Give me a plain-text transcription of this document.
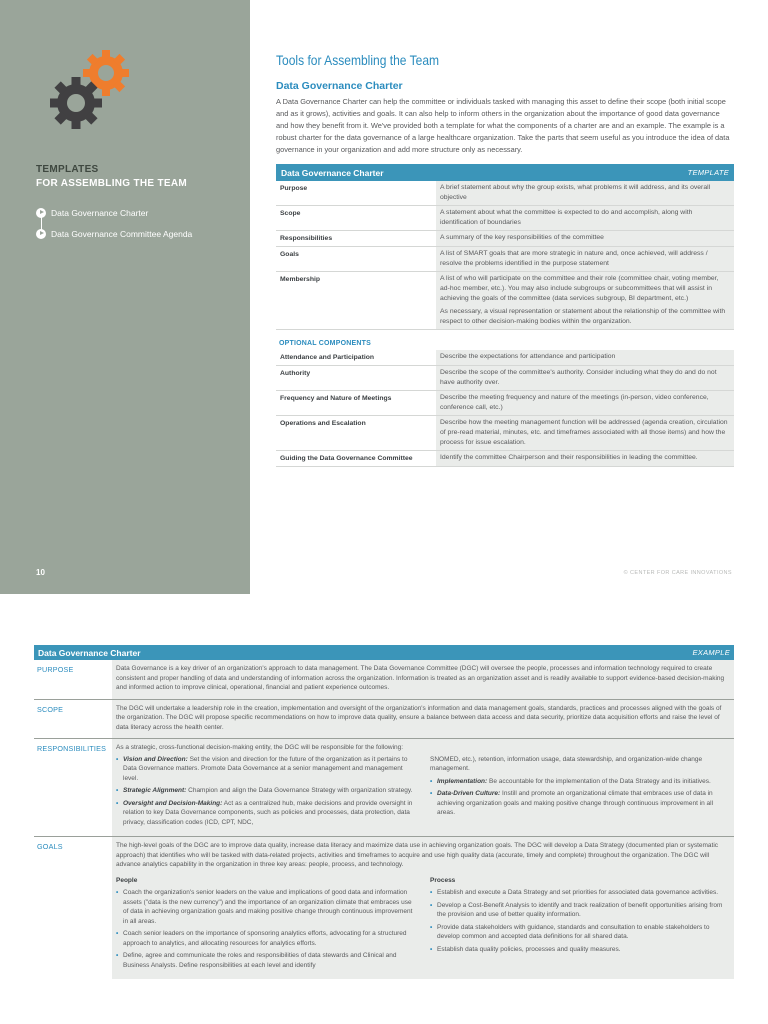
TEMPLATES
FOR ASSEMBLING THE TEAM
Data Governance Charter
Data Governance Committee Agenda
10	© CENTER FOR CARE INNOVATIONS
Tools for Assembling the Team
Data Governance Charter

A Data Governance Charter can help the committee or individuals tasked with managing this asset to define their scope (both initial scope and as it grows), activities and goals. It can also help to inform others in the organization about the importance of good data governance and how they benefit from it. We've provided both a template for what the components of a charter are and an example. The example is a robust charter for the data governance of a large healthcare organization. Take the parts that seem useful as you introduce the idea of data governance in your organization and add more structure only as necessary.

Data Governance Charter	TEMPLATE
Purpose	A brief statement about why the group exists, what problems it will address, and its overall objective
Scope	A statement about what the committee is expected to do and accomplish, along with identification of boundaries
Responsibilities	A summary of the key responsibilities of the committee
Goals	A list of SMART goals that are more strategic in nature and, once achieved, will address / resolve the problems identified in the purpose statement
Membership	A list of who will participate on the committee and their role (committee chair, voting member, ad-hoc member, etc.). You may also include subgroups or subcommittees that will assist in achieving the goals of the committee (data services subgroup, BI department, etc.)

As necessary, a visual representation or statement about the relationship of the committee with respect to other decision-making bodies within the organization.

OPTIONAL COMPONENTS
Attendance and Participation	Describe the expectations for attendance and participation
Authority	Describe the scope of the committee's authority. Consider including what they do and do not have authority over.
Frequency and Nature of Meetings	Describe the meeting frequency and nature of the meetings (in-person, video conference, conference call, etc.)
Operations and Escalation	Describe how the meeting management function will be addressed (agenda creation, circulation of pre-read material, minutes, etc. and timeframes associated with all those items) and how the process for issue escalation.
Guiding the Data Governance Committee	Identify the committee Chairperson and their responsibilities in leading the committee.
Data Governance Charter	EXAMPLE
PURPOSE	Data Governance is a key driver of an organization's approach to data management. The Data Governance Committee (DGC) will oversee the people, processes and information technology required to create consistent and proper handling of data and understanding of information across the organization. Information is treated as an organization asset and is readily available to support evidence-based decision-making and informed action to improve clinical, operational, financial and patient experience outcomes.
SCOPE	The DGC will undertake a leadership role in the creation, implementation and oversight of the organization's information and data management goals, standards, practices and processes aligned with the goals of the organization. The DGC will propose specific recommendations on how to improve data quality, ensure a balance between data access and data security, prioritize data acquisition efforts and raise the level of data literacy across the health center.
RESPONSIBILITIES	As a strategic, cross-functional decision-making entity, the DGC will be responsible for the following:
• Vision and Direction: Set the vision and direction for the future of the organization as it pertains to Data Governance matters. Promote Data Governance at a senior management and management level.
• Strategic Alignment: Champion and align the Data Governance Strategy with organization strategy.
• Oversight and Decision-Making: Act as a centralized hub, make decisions and provide oversight in relation to key Data Governance components, such as policies and processes, data protection, data privacy, classification codes (ICD, CPT, NDC,
SNOMED, etc.), retention, information usage, data stewardship, and organization-wide change management.
• Implementation: Be accountable for the implementation of the Data Strategy and its initiatives.
• Data-Driven Culture: Instill and promote an organizational climate that embraces use of data in achieving organization goals and making positive change through continuous improvement in all areas.
GOALS	The high-level goals of the DGC are to improve data quality, increase data literacy and maximize data use in achieving organization goals. The DGC will develop a Data Strategy (documented plan or systematic approach) that identifies who will be tasked with data-related projects, activities and timeframes to acquire and use high quality data (accurate, timely and complete) throughout the organization. The DGC will advance analytics capability in the organization in three key areas: people, process, and technology.
People
• Coach the organization's senior leaders on the value and implications of good data and information assets ("data is the new currency") and the importance of an organization climate that embraces use of data in achieving organization goals and making positive change through continuous improvement in all areas.
• Coach senior leaders on the importance of sponsoring analytics efforts, advocating for a structured approach to analytics, and allocating resources for analytics efforts.
• Define, agree and communicate the roles and responsibilities of data stewards and Clinical and Business Analysts. Define responsibilities at each level and identify
Process
• Establish and execute a Data Strategy and set priorities for associated data governance activities.
• Develop a Cost-Benefit Analysis to identify and track realization of benefit opportunities arising from the provision and use of better quality information.
• Provide data stakeholders with guidance, standards and consultation to enable stakeholders to develop common and accepted data definitions for all shared data.
• Establish data quality policies, processes and quality measures.
